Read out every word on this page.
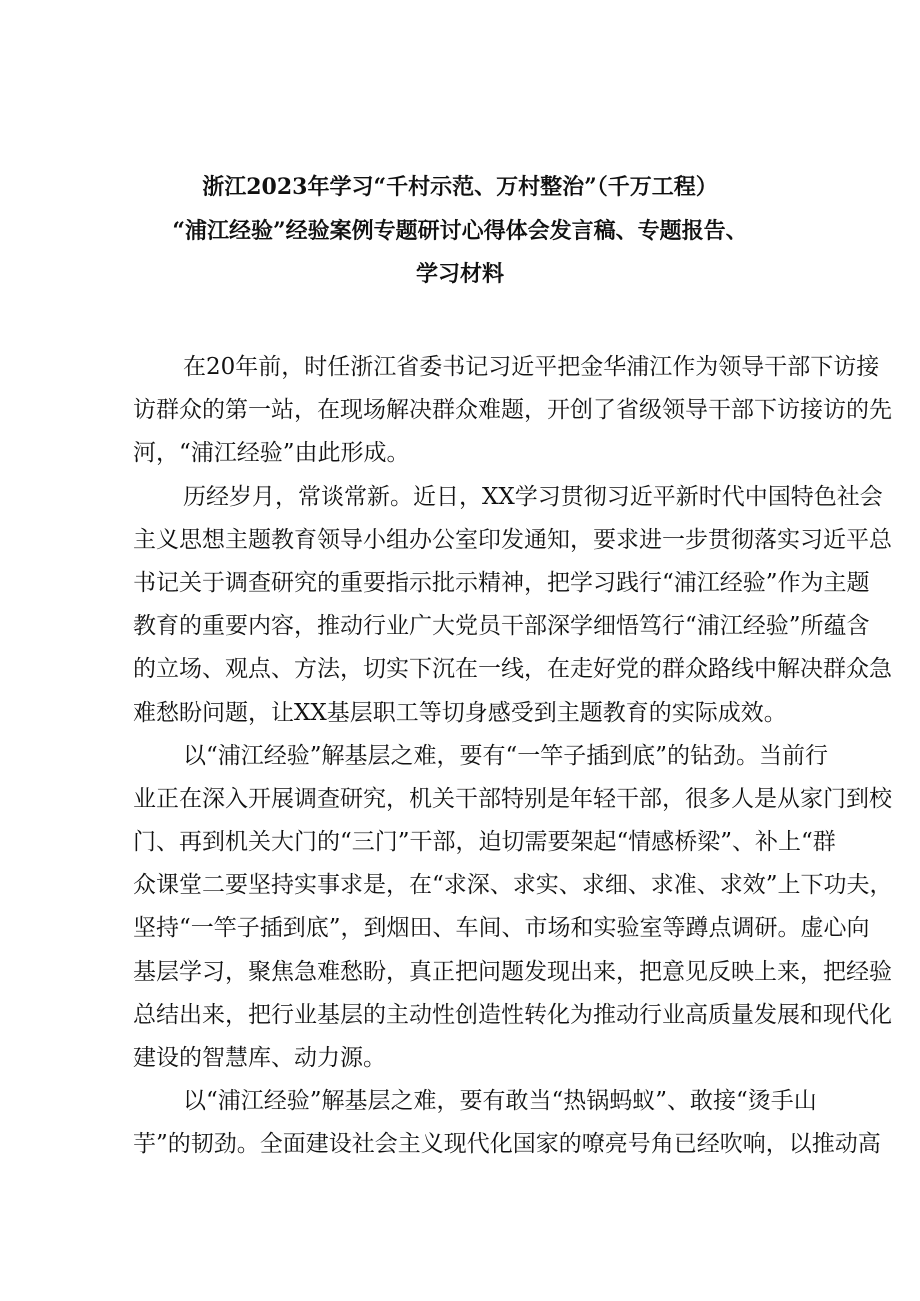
浙江2023年学习“千村示范、万村整治”（千万工程）
“浦江经验”经验案例专题研讨心得体会发言稿、专题报告、
学习材料
在20年前，时任浙江省委书记习近平把金华浦江作为领导干部下访接
访群众的第一站，在现场解决群众难题，开创了省级领导干部下访接访的先
河，“浦江经验”由此形成。
历经岁月，常谈常新。近日，XX学习贯彻习近平新时代中国特色社会
主义思想主题教育领导小组办公室印发通知，要求进一步贯彻落实习近平总
书记关于调查研究的重要指示批示精神，把学习践行“浦江经验”作为主题
教育的重要内容，推动行业广大党员干部深学细悟笃行“浦江经验”所蕴含
的立场、观点、方法，切实下沉在一线，在走好党的群众路线中解决群众急
难愁盼问题，让XX基层职工等切身感受到主题教育的实际成效。
以“浦江经验”解基层之难，要有“一竿子插到底”的钻劲。当前行
业正在深入开展调查研究，机关干部特别是年轻干部，很多人是从家门到校
门、再到机关大门的“三门”干部，迫切需要架起“情感桥梁”、补上“群
众课堂二要坚持实事求是，在“求深、求实、求细、求准、求效”上下功夫，
坚持“一竿子插到底”，到烟田、车间、市场和实验室等蹲点调研。虚心向
基层学习，聚焦急难愁盼，真正把问题发现出来，把意见反映上来，把经验
总结出来，把行业基层的主动性创造性转化为推动行业高质量发展和现代化
建设的智慧库、动力源。
以“浦江经验”解基层之难，要有敢当“热锅蚂蚁”、敢接“烫手山
芋”的韧劲。全面建设社会主义现代化国家的嘹亮号角已经吹响，以推动高
